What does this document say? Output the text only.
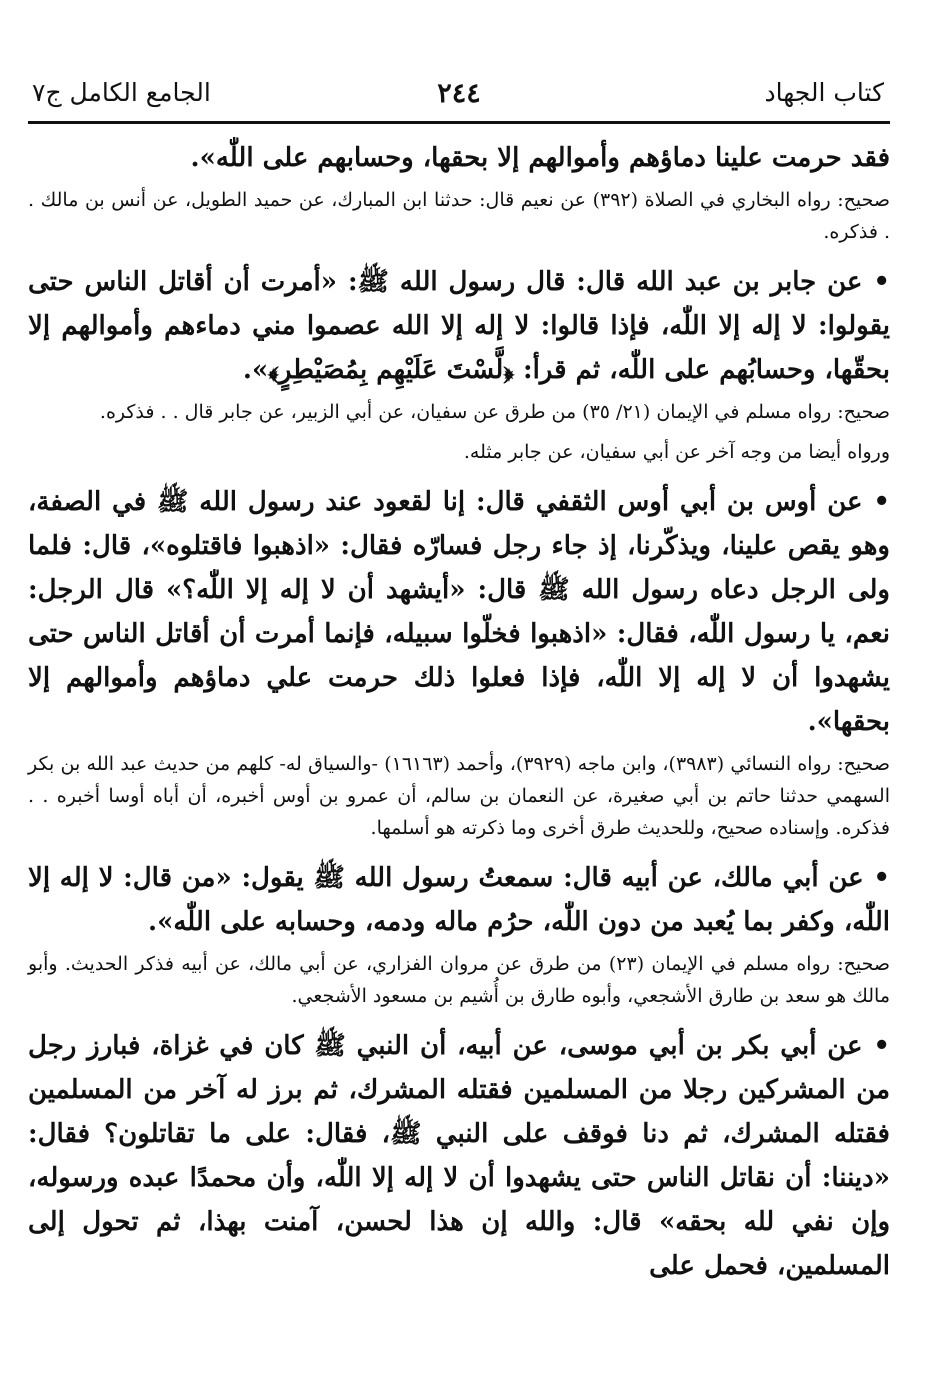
كتاب الجهاد
٢٤٤
الجامع الكامل ج٧

فقد حرمت علينا دماؤهم وأموالهم إلا بحقها، وحسابهم على اللّٰه».

صحيح: رواه البخاري في الصلاة (٣٩٢) عن نعيم قال: حدثنا ابن المبارك، عن حميد الطويل، عن أنس بن مالك . . فذكره.

• عن جابر بن عبد الله قال: قال رسول الله ﷺ: «أمرت أن أقاتل الناس حتى يقولوا: لا إله إلا اللّٰه، فإذا قالوا: لا إله إلا الله عصموا مني دماءهم وأموالهم إلا بحقّها، وحسابُهم على اللّٰه، ثم قرأ: ﴿لَّسْتَ عَلَيْهِم بِمُصَيْطِرٍ﴾».

صحيح: رواه مسلم في الإيمان (٢١/ ٣٥) من طرق عن سفيان، عن أبي الزبير، عن جابر قال . . فذكره.

ورواه أيضا من وجه آخر عن أبي سفيان، عن جابر مثله.

• عن أوس بن أبي أوس الثقفي قال: إنا لقعود عند رسول الله ﷺ في الصفة، وهو يقص علينا، ويذكّرنا، إذ جاء رجل فسارّه فقال: «اذهبوا فاقتلوه»، قال: فلما ولى الرجل دعاه رسول الله ﷺ قال: «أيشهد أن لا إله إلا اللّٰه؟» قال الرجل: نعم، يا رسول اللّٰه، فقال: «اذهبوا فخلّوا سبيله، فإنما أمرت أن أقاتل الناس حتى يشهدوا أن لا إله إلا اللّٰه، فإذا فعلوا ذلك حرمت علي دماؤهم وأموالهم إلا بحقها».

صحيح: رواه النسائي (٣٩٨٣)، وابن ماجه (٣٩٢٩)، وأحمد (١٦١٦٣) -والسياق له- كلهم من حديث عبد الله بن بكر السهمي حدثنا حاتم بن أبي صغيرة، عن النعمان بن سالم، أن عمرو بن أوس أخبره، أن أباه أوسا أخبره . . فذكره. وإسناده صحيح، وللحديث طرق أخرى وما ذكرته هو أسلمها.

• عن أبي مالك، عن أبيه قال: سمعتُ رسول الله ﷺ يقول: «من قال: لا إله إلا اللّٰه، وكفر بما يُعبد من دون اللّٰه، حرُم ماله ودمه، وحسابه على اللّٰه».

صحيح: رواه مسلم في الإيمان (٢٣) من طرق عن مروان الفزاري، عن أبي مالك، عن أبيه فذكر الحديث. وأبو مالك هو سعد بن طارق الأشجعي، وأبوه طارق بن أُشيم بن مسعود الأشجعي.

• عن أبي بكر بن أبي موسى، عن أبيه، أن النبي ﷺ كان في غزاة، فبارز رجل من المشركين رجلا من المسلمين فقتله المشرك، ثم برز له آخر من المسلمين فقتله المشرك، ثم دنا فوقف على النبي ﷺ، فقال: على ما تقاتلون؟ فقال: «ديننا: أن نقاتل الناس حتى يشهدوا أن لا إله إلا اللّٰه، وأن محمدًا عبده ورسوله، وإن نفي لله بحقه» قال: والله إن هذا لحسن، آمنت بهذا، ثم تحول إلى المسلمين، فحمل على
